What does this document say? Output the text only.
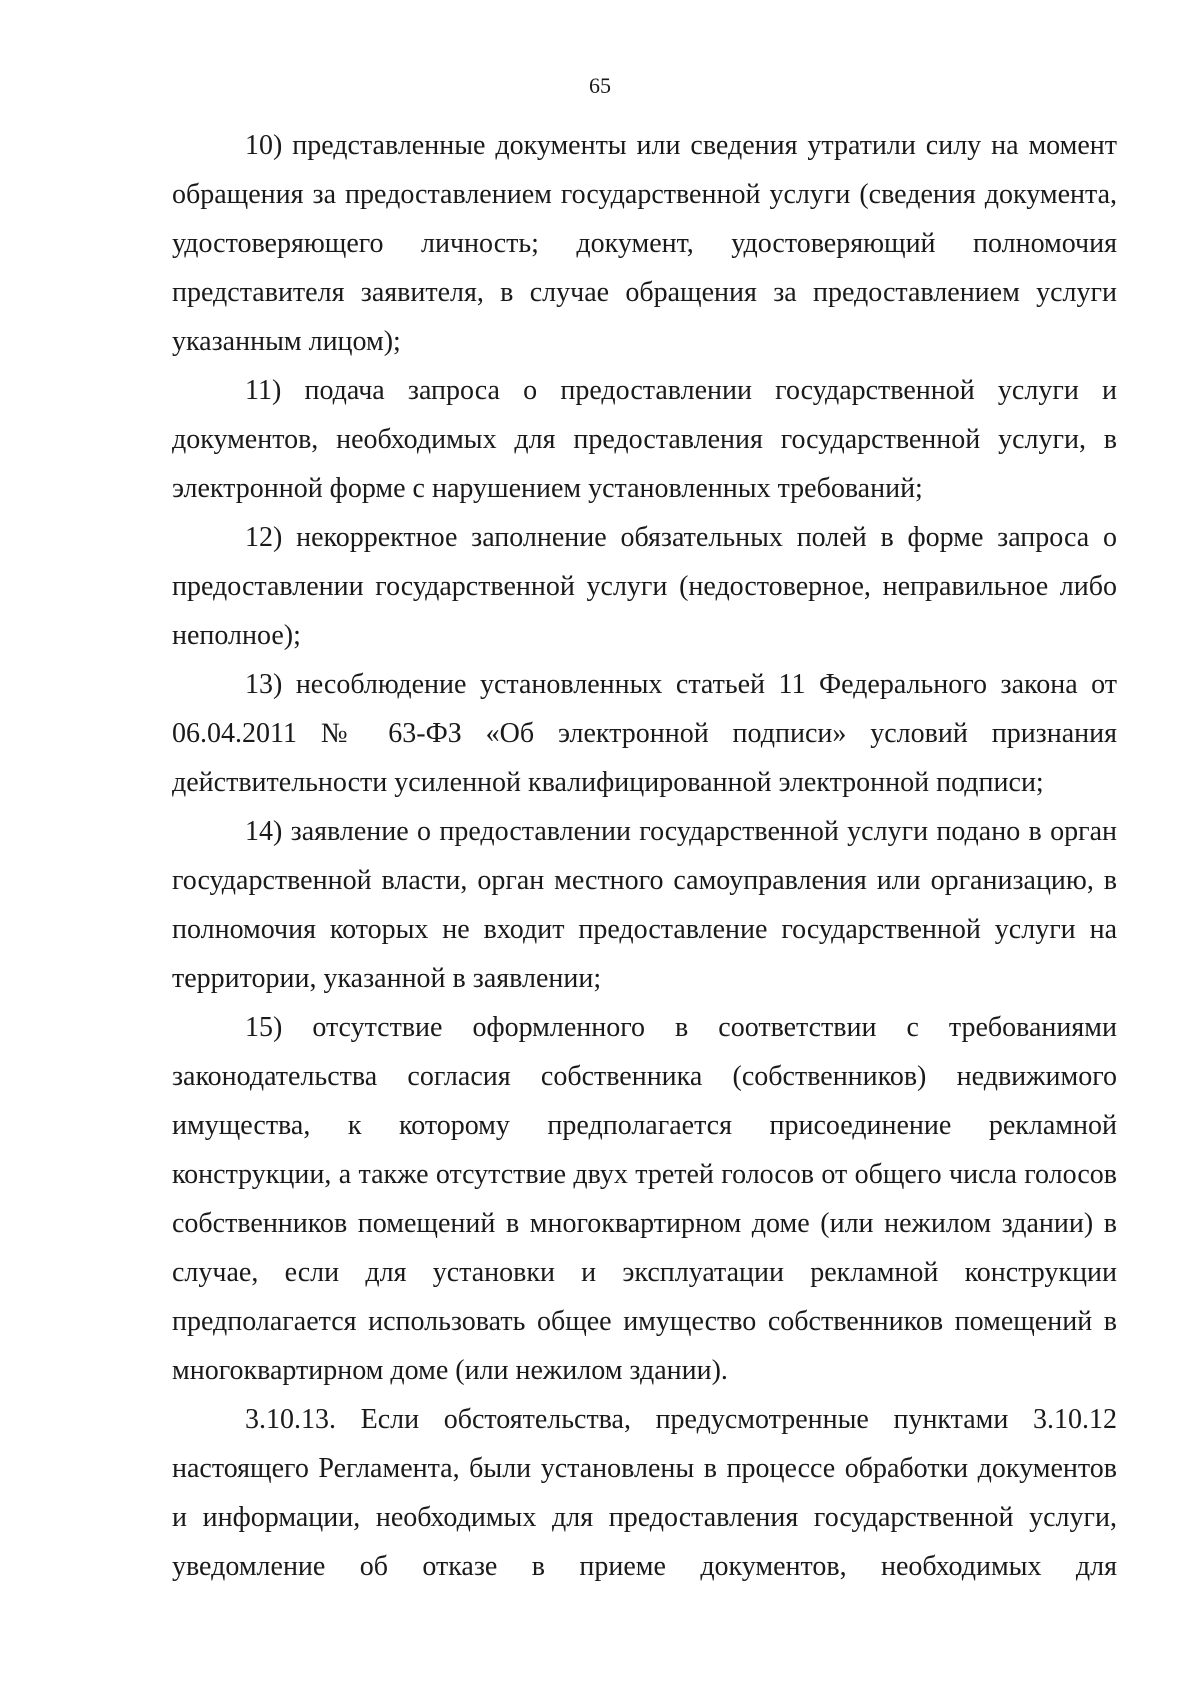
65

10) представленные документы или сведения утратили силу на момент обращения за предоставлением государственной услуги (сведения документа, удостоверяющего личность; документ, удостоверяющий полномочия представителя заявителя, в случае обращения за предоставлением услуги указанным лицом);

11) подача запроса о предоставлении государственной услуги и документов, необходимых для предоставления государственной услуги, в электронной форме с нарушением установленных требований;

12) некорректное заполнение обязательных полей в форме запроса о предоставлении государственной услуги (недостоверное, неправильное либо неполное);

13) несоблюдение установленных статьей 11 Федерального закона от 06.04.2011 № 63-ФЗ «Об электронной подписи» условий признания действительности усиленной квалифицированной электронной подписи;

14) заявление о предоставлении государственной услуги подано в орган государственной власти, орган местного самоуправления или организацию, в полномочия которых не входит предоставление государственной услуги на территории, указанной в заявлении;

15) отсутствие оформленного в соответствии с требованиями законодательства согласия собственника (собственников) недвижимого имущества, к которому предполагается присоединение рекламной конструкции, а также отсутствие двух третей голосов от общего числа голосов собственников помещений в многоквартирном доме (или нежилом здании) в случае, если для установки и эксплуатации рекламной конструкции предполагается использовать общее имущество собственников помещений в многоквартирном доме (или нежилом здании).

3.10.13. Если обстоятельства, предусмотренные пунктами 3.10.12 настоящего Регламента, были установлены в процессе обработки документов и информации, необходимых для предоставления государственной услуги, уведомление об отказе в приеме документов, необходимых для
